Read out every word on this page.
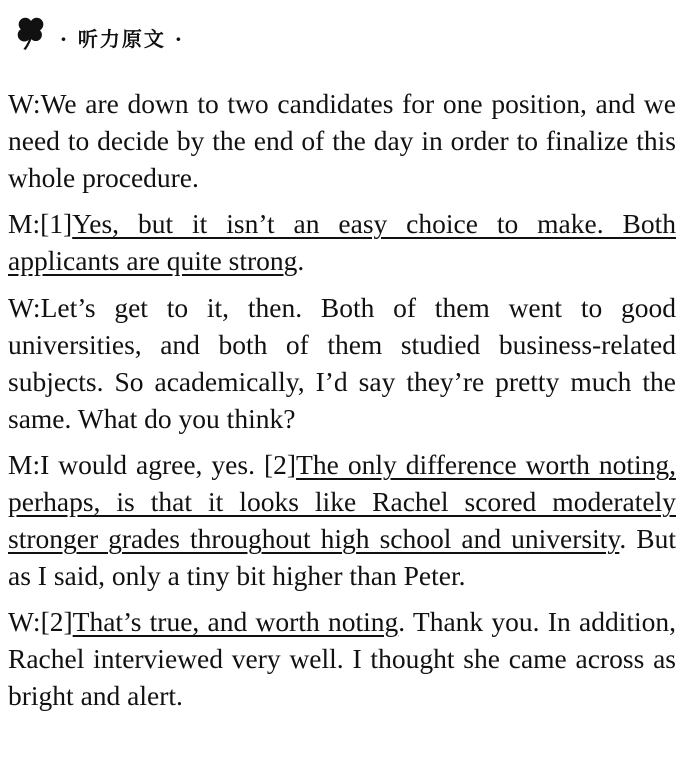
· 听力原文 ·

W:We are down to two candidates for one position, and we need to decide by the end of the day in order to finalize this whole procedure.

M:[1]Yes, but it isn’t an easy choice to make. Both applicants are quite strong.

W:Let’s get to it, then. Both of them went to good universities, and both of them studied business-related subjects. So academically, I’d say they’re pretty much the same. What do you think?

M:I would agree, yes. [2]The only difference worth noting, perhaps, is that it looks like Rachel scored moderately stronger grades throughout high school and university. But as I said, only a tiny bit higher than Peter.

W:[2]That’s true, and worth noting. Thank you. In addition, Rachel interviewed very well. I thought she came across as bright and alert.
